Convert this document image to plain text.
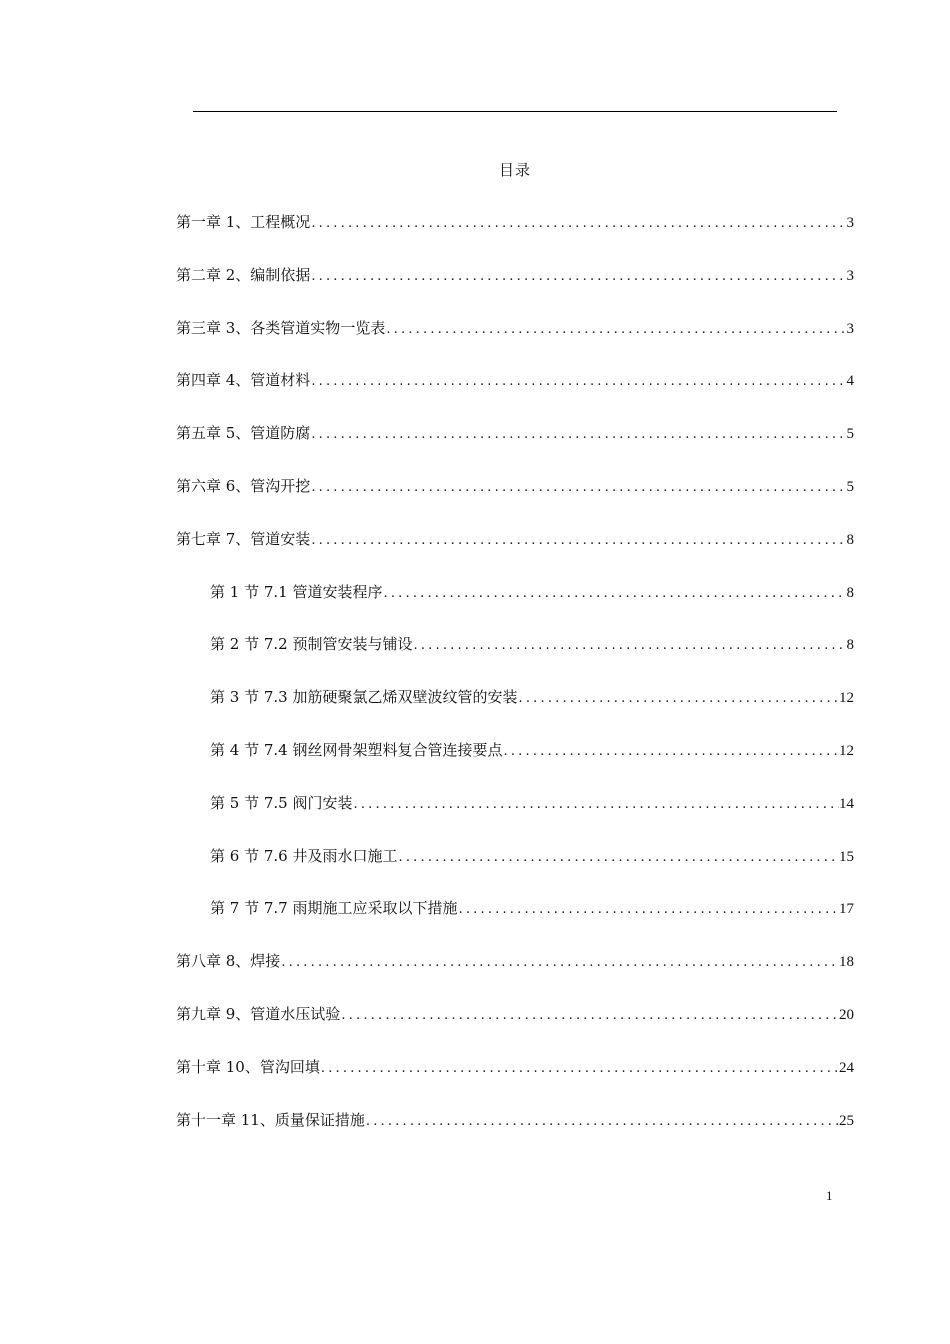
目录
第一章 1、工程概况 .....	3
第二章 2、编制依据 .....	3
第三章 3、各类管道实物一览表 .....	3
第四章 4、管道材料 .....	4
第五章 5、管道防腐 .....	5
第六章 6、管沟开挖 .....	5
第七章 7、管道安装 .....	8
第 1 节 7.1 管道安装程序 .....	8
第 2 节 7.2 预制管安装与铺设 .....	8
第 3 节 7.3 加筋硬聚氯乙烯双壁波纹管的安装 .....	12
第 4 节 7.4 钢丝网骨架塑料复合管连接要点 .....	12
第 5 节 7.5 阀门安装 .....	14
第 6 节 7.6 井及雨水口施工 .....	15
第 7 节 7.7 雨期施工应采取以下措施 .....	17
第八章 8、焊接 .....	18
第九章 9、管道水压试验 .....	20
第十章 10、管沟回填 .....	24
第十一章 11、质量保证措施 .....	25
1
